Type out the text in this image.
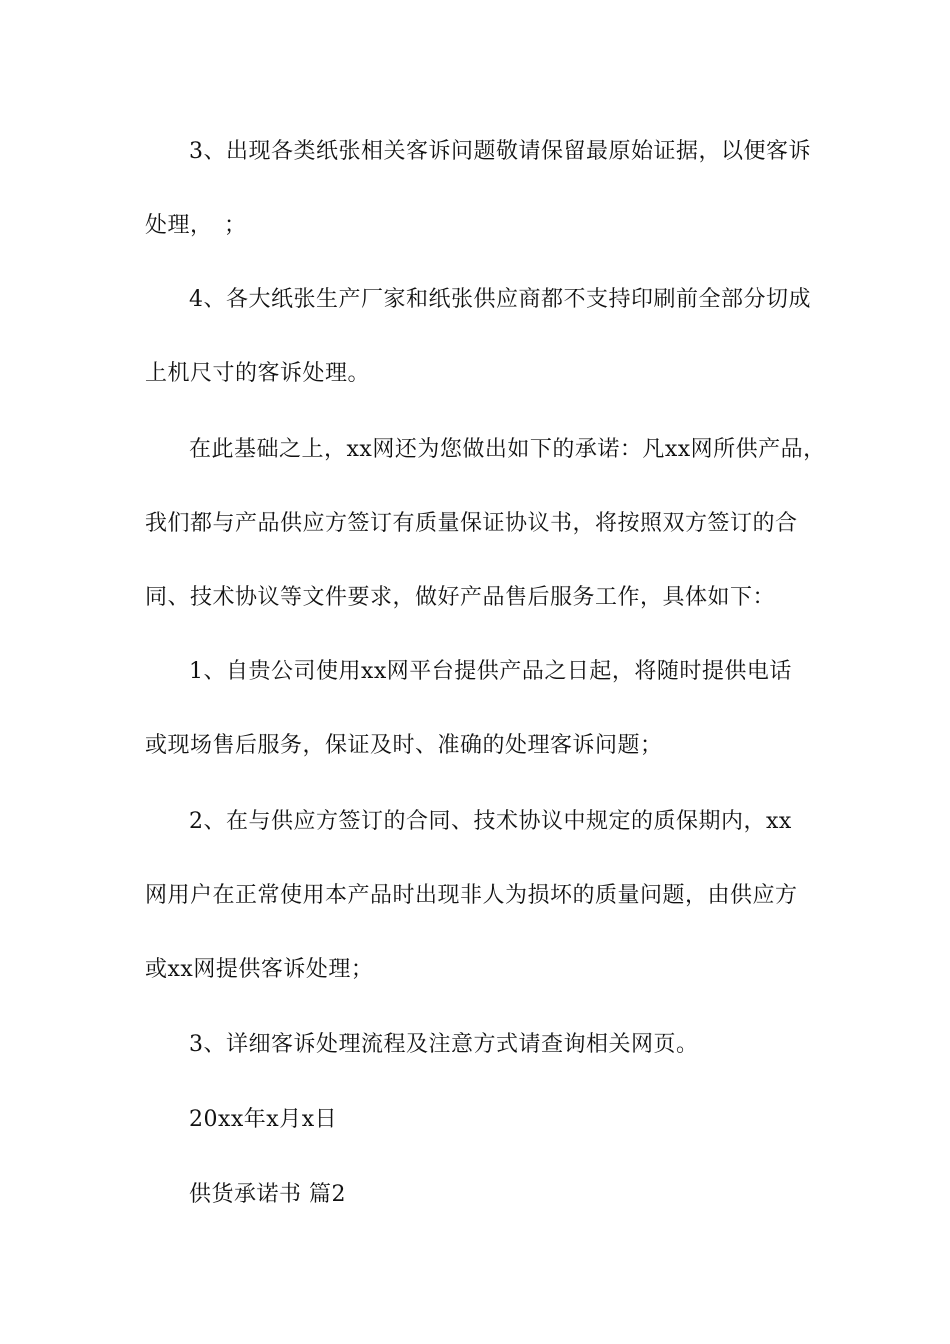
3、出现各类纸张相关客诉问题敬请保留最原始证据，以便客诉
处理，　；
4、各大纸张生产厂家和纸张供应商都不支持印刷前全部分切成
上机尺寸的客诉处理。
在此基础之上，xx网还为您做出如下的承诺：凡xx网所供产品，
我们都与产品供应方签订有质量保证协议书，将按照双方签订的合
同、技术协议等文件要求，做好产品售后服务工作，具体如下：
1、自贵公司使用xx网平台提供产品之日起，将随时提供电话
或现场售后服务，保证及时、准确的处理客诉问题；
2、在与供应方签订的合同、技术协议中规定的质保期内，xx
网用户在正常使用本产品时出现非人为损坏的质量问题，由供应方
或xx网提供客诉处理；
3、详细客诉处理流程及注意方式请查询相关网页。
20xx年x月x日
供货承诺书 篇2
